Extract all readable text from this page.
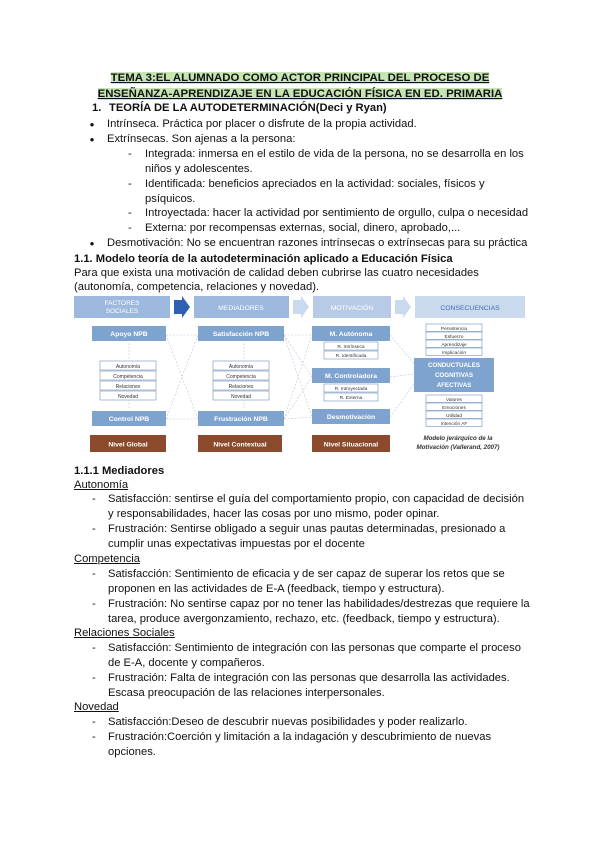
TEMA 3:EL ALUMNADO COMO ACTOR PRINCIPAL DEL PROCESO DE
ENSEÑANZA-APRENDIZAJE EN LA EDUCACIÓN FÍSICA EN ED. PRIMARIA
1. TEORÍA DE LA AUTODETERMINACIÓN(Deci y Ryan)
● Intrínseca. Práctica por placer o disfrute de la propia actividad.
● Extrínsecas. Son ajenas a la persona:
- Integrada: inmersa en el estilo de vida de la persona, no se desarrolla en los
niños y adolescentes.
- Identificada: beneficios apreciados en la actividad: sociales, físicos y
psíquicos.
- Introyectada: hacer la actividad por sentimiento de orgullo, culpa o necesidad
- Externa: por recompensas externas, social, dinero, aprobado,...
● Desmotivación: No se encuentran razones intrínsecas o extrínsecas para su práctica
1.1. Modelo teoría de la autodeterminación aplicado a Educación Física
Para que exista una motivación de calidad deben cubrirse las cuatro necesidades
(autonomía, competencia, relaciones y novedad).
FACTORES
SOCIALES	MEDIADORES	MOTIVACIÓN	CONSECUENCIAS
Apoyo NPB
Control NPB
Autonomía
Competencia
Relaciones
Novedad
Satisfacción NPB
Frustración NPB
Autonomía
Competencia
Relaciones
Novedad
M. Autónoma
R. Intrínseca
R. Identificada
M. Controladora
R. Introyectada
R. Externa
Desmotivación
Persistencia
Esfuerzo
Aprendizaje
Implicación
CONDUCTUALES
COGNITIVAS
AFECTIVAS
Valores
Emociones
Utilidad
Intención AF
Nivel Global	Nivel Contextual	Nivel Situacional
Modelo jerárquico de la
Motivación (Vallerand, 2007)
1.1.1 Mediadores
Autonomía
- Satisfacción: sentirse el guía del comportamiento propio, con capacidad de decisión
y responsabilidades, hacer las cosas por uno mismo, poder opinar.
- Frustración: Sentirse obligado a seguir unas pautas determinadas, presionado a
cumplir unas expectativas impuestas por el docente
Competencia
- Satisfacción: Sentimiento de eficacia y de ser capaz de superar los retos que se
proponen en las actividades de E-A (feedback, tiempo y estructura).
- Frustración: No sentirse capaz por no tener las habilidades/destrezas que requiere la
tarea, produce avergonzamiento, rechazo, etc. (feedback, tiempo y estructura).
Relaciones Sociales
- Satisfacción: Sentimiento de integración con las personas que comparte el proceso
de E-A, docente y compañeros.
- Frustración: Falta de integración con las personas que desarrolla las actividades.
Escasa preocupación de las relaciones interpersonales.
Novedad
- Satisfacción:Deseo de descubrir nuevas posibilidades y poder realizarlo.
- Frustración:Coerción y limitación a la indagación y descubrimiento de nuevas
opciones.
